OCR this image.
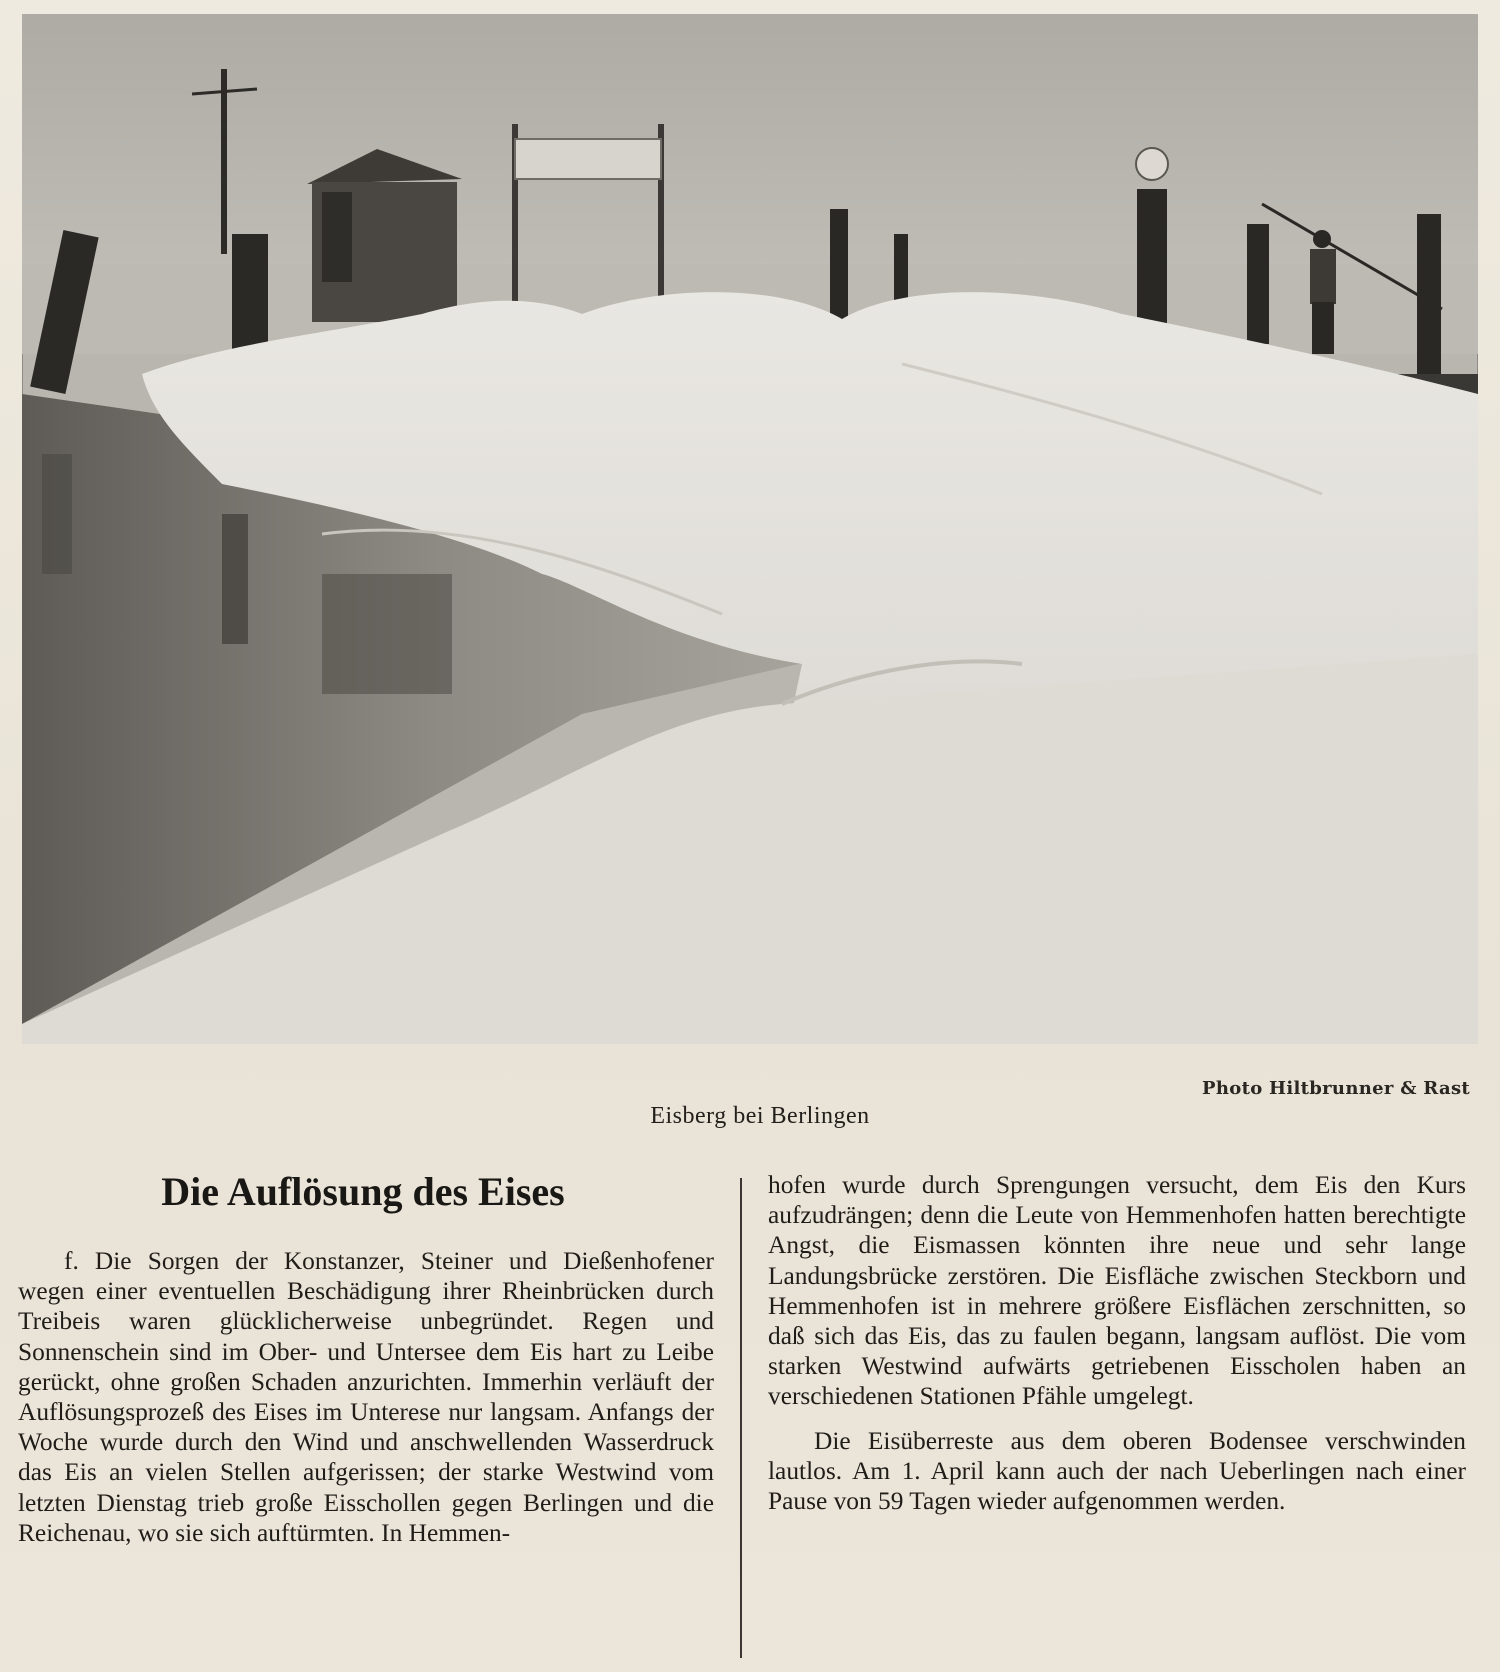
Photo Hiltbrunner & Rast
Eisberg bei Berlingen
Die Auflösung des Eises

f. Die Sorgen der Konstanzer, Steiner und Dießenhofener wegen einer eventuellen Beschädigung ihrer Rheinbrücken durch Treibeis waren glücklicherweise unbegründet. Regen und Sonnenschein sind im Ober- und Untersee dem Eis hart zu Leibe gerückt, ohne großen Schaden anzurichten. Immerhin verläuft der Auflösungsprozeß des Eises im Unterese nur langsam. Anfangs der Woche wurde durch den Wind und anschwellenden Wasserdruck das Eis an vielen Stellen aufgerissen; der starke Westwind vom letzten Dienstag trieb große Eisschollen gegen Berlingen und die Reichenau, wo sie sich auftürmten. In Hemmen-

hofen wurde durch Sprengungen versucht, dem Eis den Kurs aufzudrängen; denn die Leute von Hemmenhofen hatten berechtigte Angst, die Eismassen könnten ihre neue und sehr lange Landungsbrücke zerstören. Die Eisfläche zwischen Steckborn und Hemmenhofen ist in mehrere größere Eisflächen zerschnitten, so daß sich das Eis, das zu faulen begann, langsam auflöst. Die vom starken Westwind aufwärts getriebenen Eisscholen haben an verschiedenen Stationen Pfähle umgelegt.

Die Eisüberreste aus dem oberen Bodensee verschwinden lautlos. Am 1. April kann auch der nach Ueberlingen nach einer Pause von 59 Tagen wieder aufgenommen werden.
